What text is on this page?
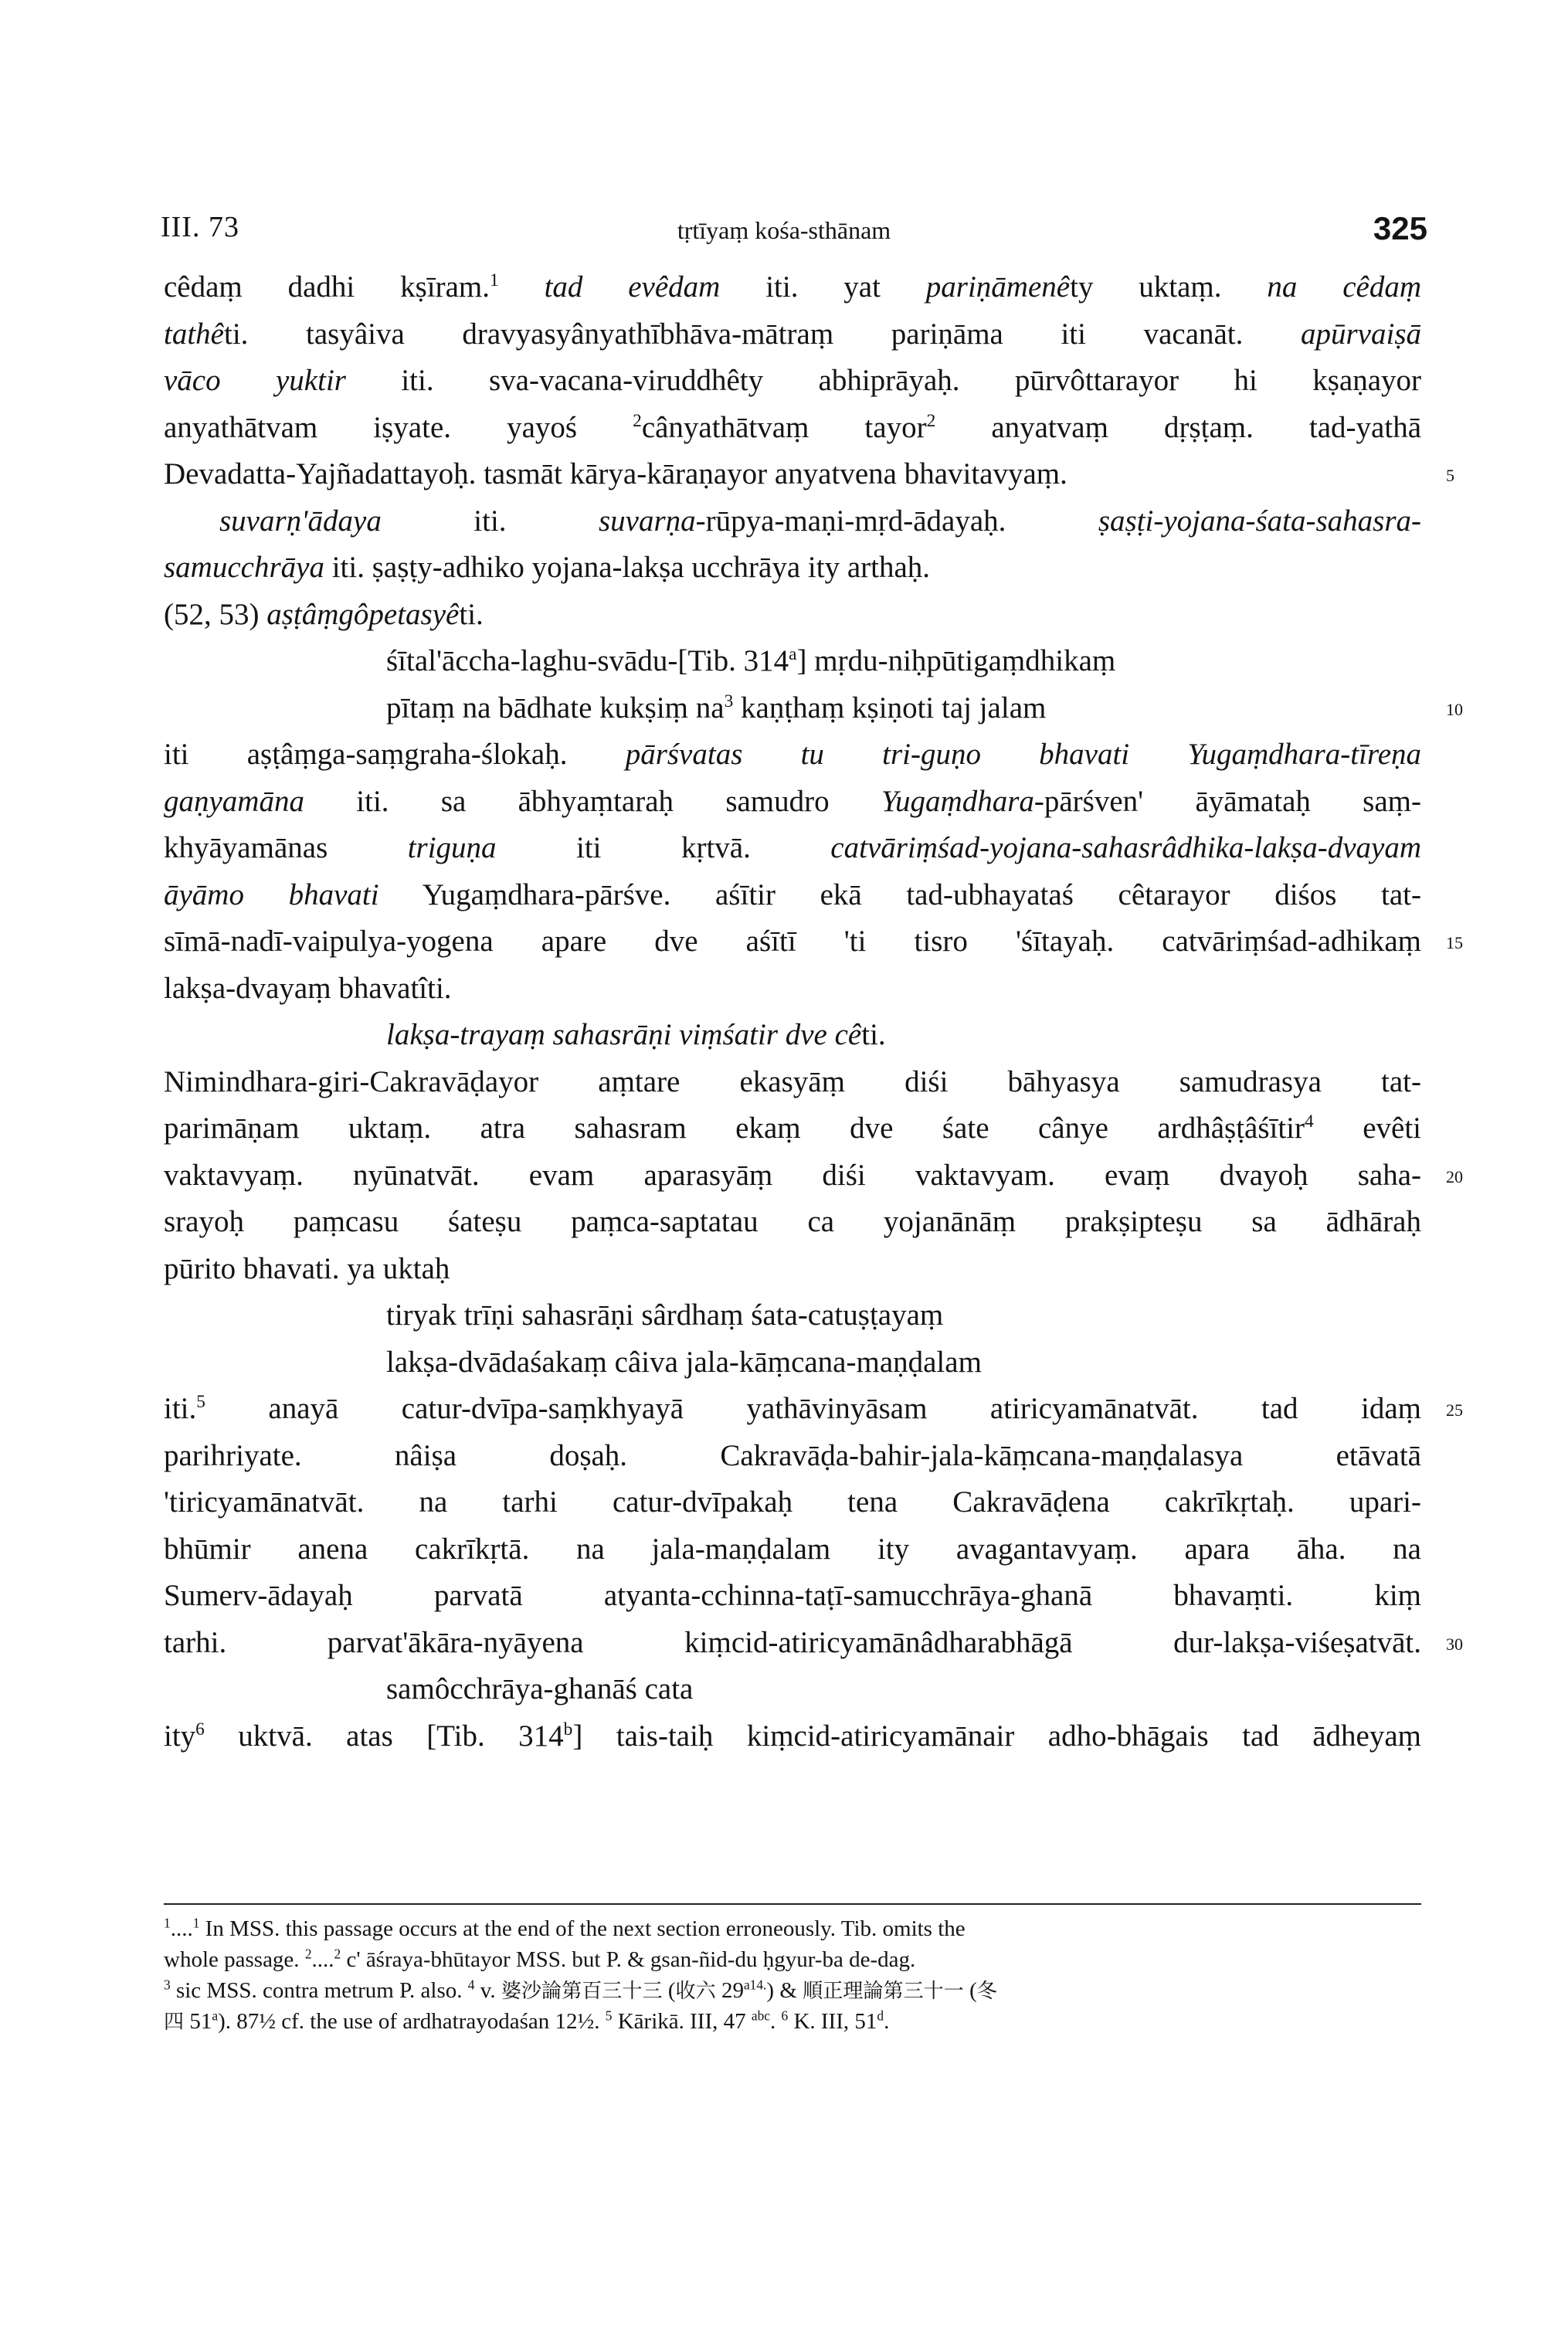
III. 73	tṛtīyaṃ kośa-sthānam	325
cêdaṃ dadhi kṣīram.$^1$ tad evêdam iti. yat pariṇāmenêty uktaṃ. na cêdaṃ
tathêti. tasyâiva dravyasyânyathībhāva-mātraṃ pariṇāma iti vacanāt. apūrvaiṣā
vāco yuktir iti. sva-vacana-viruddhêty abhiprāyaḥ. pūrvôttarayor hi kṣaṇayor
anyathātvam iṣyate. yayoś $^2$cânyathātvaṃ tayor$^2$ anyatvaṃ dṛṣṭaṃ. tad-yathā
Devadatta-Yajñadattayoḥ. tasmāt kārya-kāraṇayor anyatvena bhavitavyaṃ.
suvarṇ'ādaya iti. suvarṇa-rūpya-maṇi-mṛd-ādayaḥ. ṣaṣṭi-yojana-śata-sahasra-
samucchrāya iti. ṣaṣṭy-adhiko yojana-lakṣa ucchrāya ity arthaḥ.
(52, 53) aṣṭâṃgôpetasyêti.
śītal'āccha-laghu-svādu-[Tib. 314$^a$] mṛdu-niḥpūtigaṃdhikaṃ
pītaṃ na bādhate kukṣiṃ $na^3$ kaṇṭhaṃ kṣiṇoti taj jalam
iti aṣṭâṃga-saṃgraha-ślokaḥ. pārśvatas tu tri-guṇo bhavati Yugaṃdhara-tīreṇa
gaṇyamāna iti. sa ābhyaṃtaraḥ samudro Yugaṃdhara-pārśven' āyāmataḥ saṃ-
khyāyamānas triguṇa iti kṛtvā. catvāriṃśad-yojana-sahasrâdhika-lakṣa-dvayam
āyāmo bhavati Yugaṃdhara-pārśve. aśītir ekā tad-ubhayataś cêtarayor diśos tat-
sīmā-nadī-vaipulya-yogena apare dve aśītī 'ti tisro 'śītayaḥ. catvāriṃśad-adhikaṃ
lakṣa-dvayaṃ bhavatîti.
lakṣa-trayaṃ sahasrāṇi viṃśatir dve cêti.
Nimindhara-giri-Cakravāḍayor aṃtare ekasyāṃ diśi bāhyasya samudrasya tat-
parimāṇam uktaṃ. atra sahasram ekaṃ dve śate cânye ardhâṣṭâśītir$^4$ evêti
vaktavyaṃ. nyūnatvāt. evam aparasyāṃ diśi vaktavyam. evaṃ dvayoḥ saha-
srayoḥ paṃcasu śateṣu paṃca-saptatau ca yojanānāṃ prakṣipteṣu sa ādhāraḥ
pūrito bhavati. ya uktaḥ
tiryak trīṇi sahasrāṇi sârdhaṃ śata-catuṣṭayaṃ
lakṣa-dvādaśakaṃ câiva jala-kāṃcana-maṇḍalam
iti.$^5$ anayā catur-dvīpa-saṃkhyayā yathāvinyāsam atiricyamānatvāt. tad idaṃ
parihriyate. nâiṣa doṣaḥ. Cakravāḍa-bahir-jala-kāṃcana-maṇḍalasya etāvatā
'tiricyamānatvāt. na tarhi catur-dvīpakaḥ tena Cakravāḍena cakrīkṛtaḥ. upari-
bhūmir anena cakrīkṛtā. na jala-maṇḍalam ity avagantavyaṃ. apara āha. na
Sumerv-ādayaḥ parvatā atyanta-cchinna-taṭī-samucchrāya-ghanā bhavaṃti. kiṃ
tarhi. parvat'ākāra-nyāyena kiṃcid-atiricyamānâdharabhāgā dur-lakṣa-viśeṣatvāt.
samôcchrāya-ghanāś cata
ity$^6$ uktvā. atas [Tib. 314$^b$] tais-taiḥ kiṃcid-atiricyamānair adho-bhāgais tad ādheyaṃ
5
10
15
20
25
30
$^1$....$^1$ In MSS. this passage occurs at the end of the next section erroneously. Tib. omits the
whole passage. $^2$....$^2$ c' āśraya-bhūtayor MSS. but P. & gsan-ñid-du ḥgyur-ba de-dag.
$^3$ sic MSS. contra metrum P. also. $^4$ v. 婆沙論第百三十三 (收六 $29^{a14.}$) & 順正理論第三十一 (冬
四 51$^a$). 87½ cf. the use of ardhatrayodaśan 12½. $^5$ Kārikā. III, 47 $^{abc}$. $^6$ K. III, 51$^d$.
